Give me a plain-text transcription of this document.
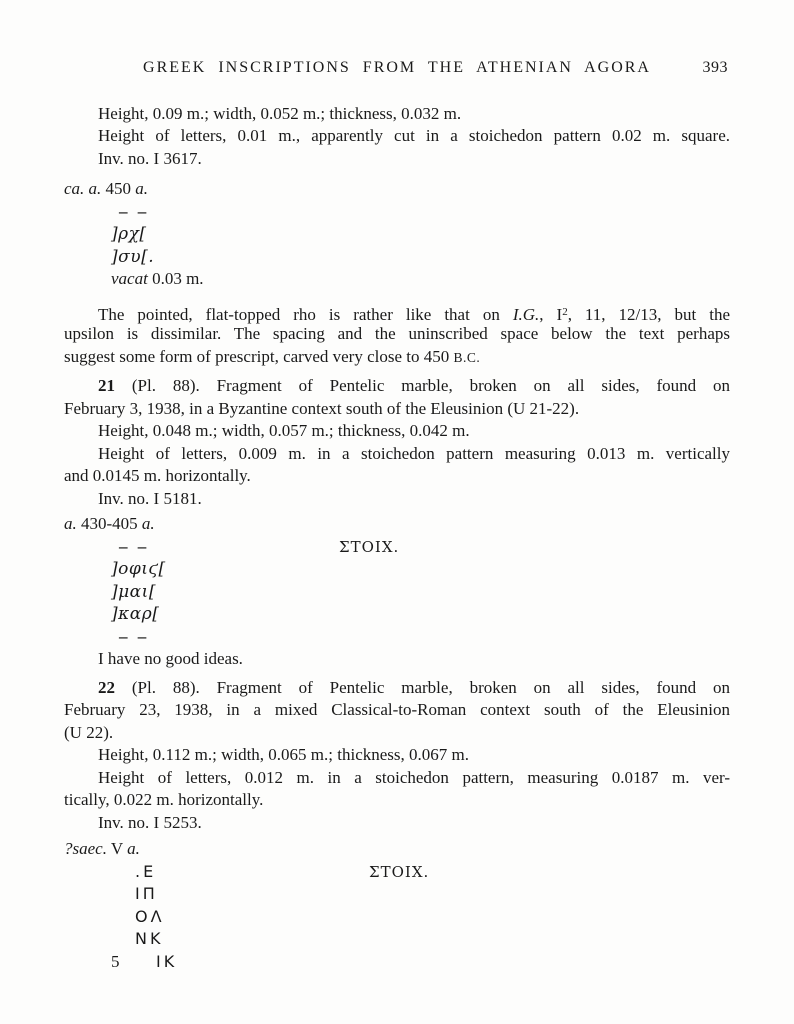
GREEK INSCRIPTIONS FROM THE ATHENIAN AGORA	393
Height, 0.09 m.; width, 0.052 m.; thickness, 0.032 m.
Height of letters, 0.01 m., apparently cut in a stoichedon pattern 0.02 m. square.
Inv. no. I 3617.
ca. a. 450 a.
– –
]ρχ[
]συ[.
vacat 0.03 m.
The pointed, flat-topped rho is rather like that on I.G., $I^2$, 11, 12/13, but the
upsilon is dissimilar. The spacing and the uninscribed space below the text perhaps
suggest some form of prescript, carved very close to 450 B.C.
21 (Pl. 88). Fragment of Pentelic marble, broken on all sides, found on
February 3, 1938, in a Byzantine context south of the Eleusinion (U 21-22).
Height, 0.048 m.; width, 0.057 m.; thickness, 0.042 m.
Height of letters, 0.009 m. in a stoichedon pattern measuring 0.013 m. vertically
and 0.0145 m. horizontally.
Inv. no. I 5181.
a. 430-405 a.
– –	ΣΤΟΙΧ.
]οφιϛ[
]μαι[
]καρ[
– –
I have no good ideas.
22 (Pl. 88). Fragment of Pentelic marble, broken on all sides, found on
February 23, 1938, in a mixed Classical-to-Roman context south of the Eleusinion
(U 22).
Height, 0.112 m.; width, 0.065 m.; thickness, 0.067 m.
Height of letters, 0.012 m. in a stoichedon pattern, measuring 0.0187 m. ver-
tically, 0.022 m. horizontally.
Inv. no. I 5253.
?saec. V a.
.Ε	ΣΤΟΙΧ.
ΙΠ
ΟΛ
ΝΚ
5 ΙΚ
